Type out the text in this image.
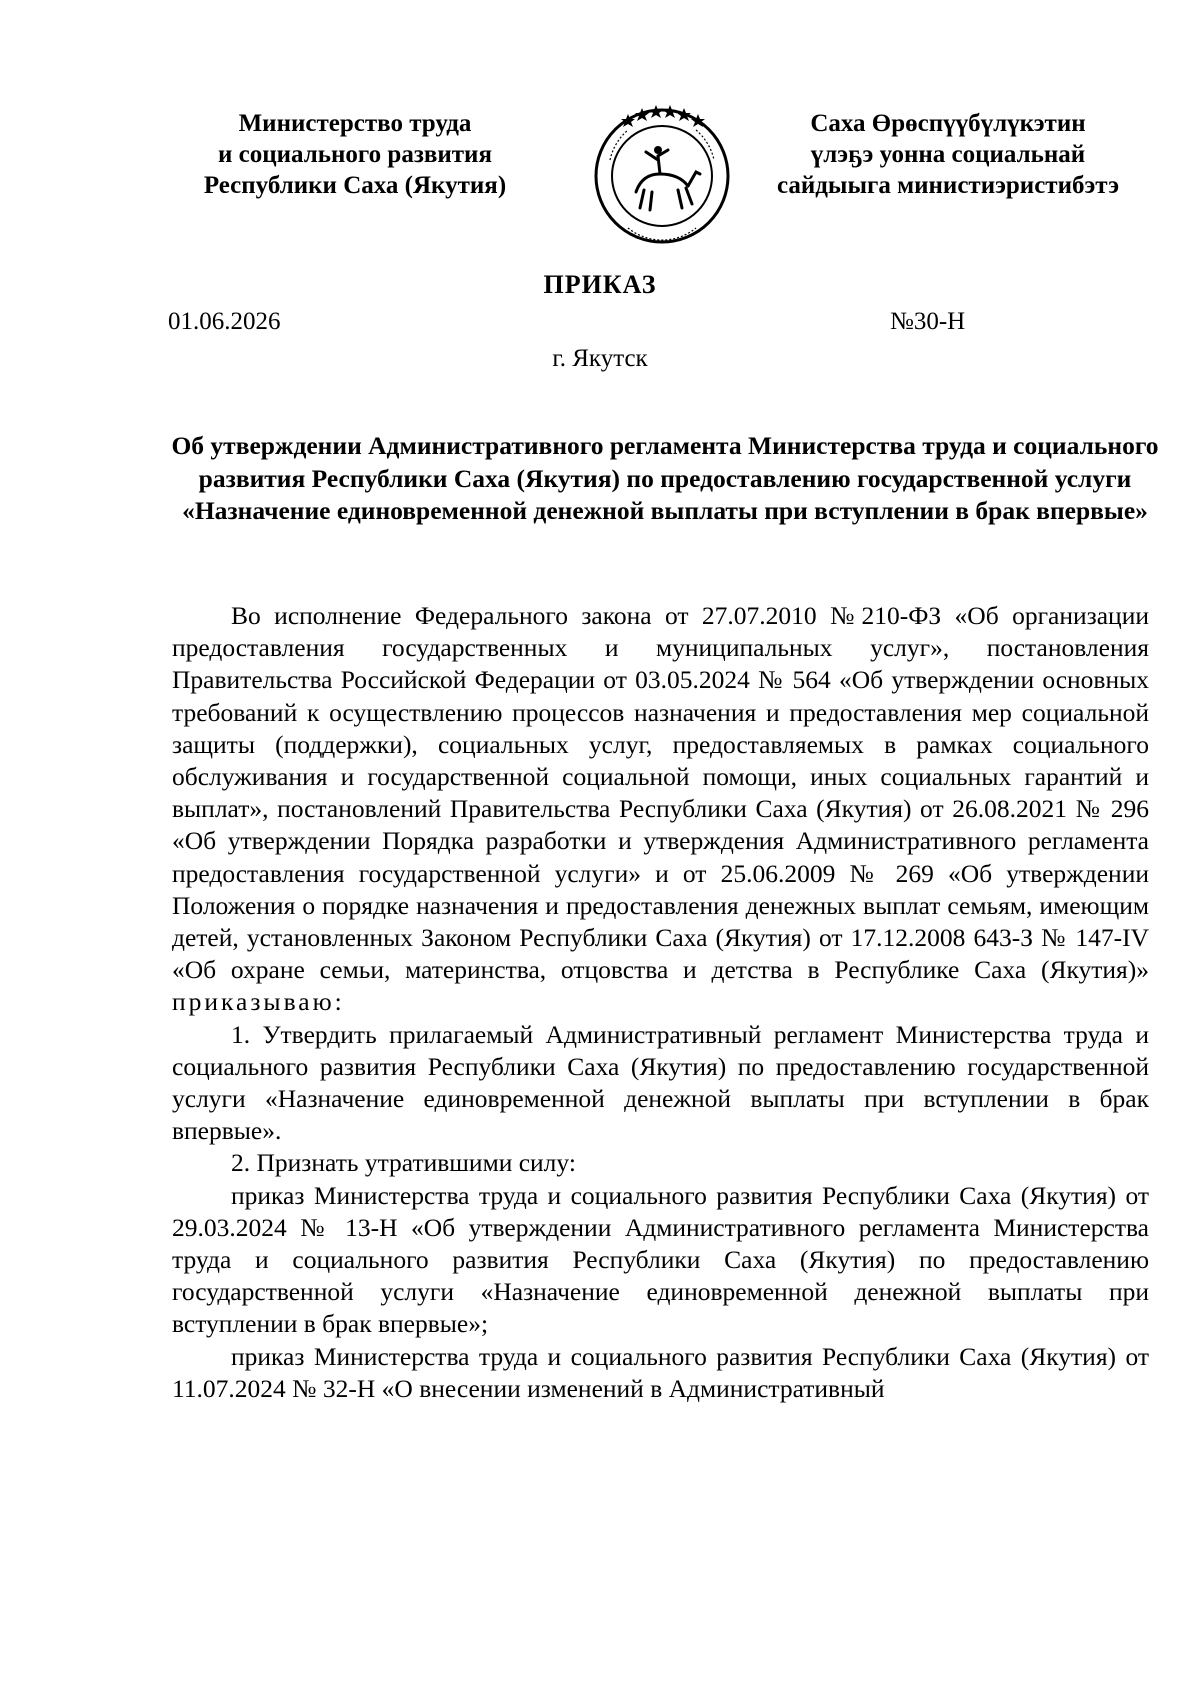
Министерство труда
и социального развития
Республики Саха (Якутия)
Саха Өрөспүүбүлүкэтин
үлэҕэ уонна социальнай
сайдыыга министиэристибэтэ
ПРИКАЗ
01.06.2026	№30-Н
г. Якутск
Об утверждении Административного регламента Министерства труда и социального развития Республики Саха (Якутия) по предоставлению государственной услуги «Назначение единовременной денежной выплаты при вступлении в брак впервые»

Во исполнение Федерального закона от 27.07.2010 №210-ФЗ «Об организации предоставления государственных и муниципальных услуг», постановления Правительства Российской Федерации от 03.05.2024 № 564 «Об утверждении основных требований к осуществлению процессов назначения и предоставления мер социальной защиты (поддержки), социальных услуг, предоставляемых в рамках социального обслуживания и государственной социальной помощи, иных социальных гарантий и выплат», постановлений Правительства Республики Саха (Якутия) от 26.08.2021 № 296 «Об утверждении Порядка разработки и утверждения Административного регламента предоставления государственной услуги» и от 25.06.2009 № 269 «Об утверждении Положения о порядке назначения и предоставления денежных выплат семьям, имеющим детей, установленных Законом Республики Саха (Якутия) от 17.12.2008 643-З № 147-IV «Об охране семьи, материнства, отцовства и детства в Республике Саха (Якутия)» приказываю:

1. Утвердить прилагаемый Административный регламент Министерства труда и социального развития Республики Саха (Якутия) по предоставлению государственной услуги «Назначение единовременной денежной выплаты при вступлении в брак впервые».

2. Признать утратившими силу:

приказ Министерства труда и социального развития Республики Саха (Якутия) от 29.03.2024 № 13-Н «Об утверждении Административного регламента Министерства труда и социального развития Республики Саха (Якутия) по предоставлению государственной услуги «Назначение единовременной денежной выплаты при вступлении в брак впервые»;

приказ Министерства труда и социального развития Республики Саха (Якутия) от 11.07.2024 № 32-Н «О внесении изменений в Административный
